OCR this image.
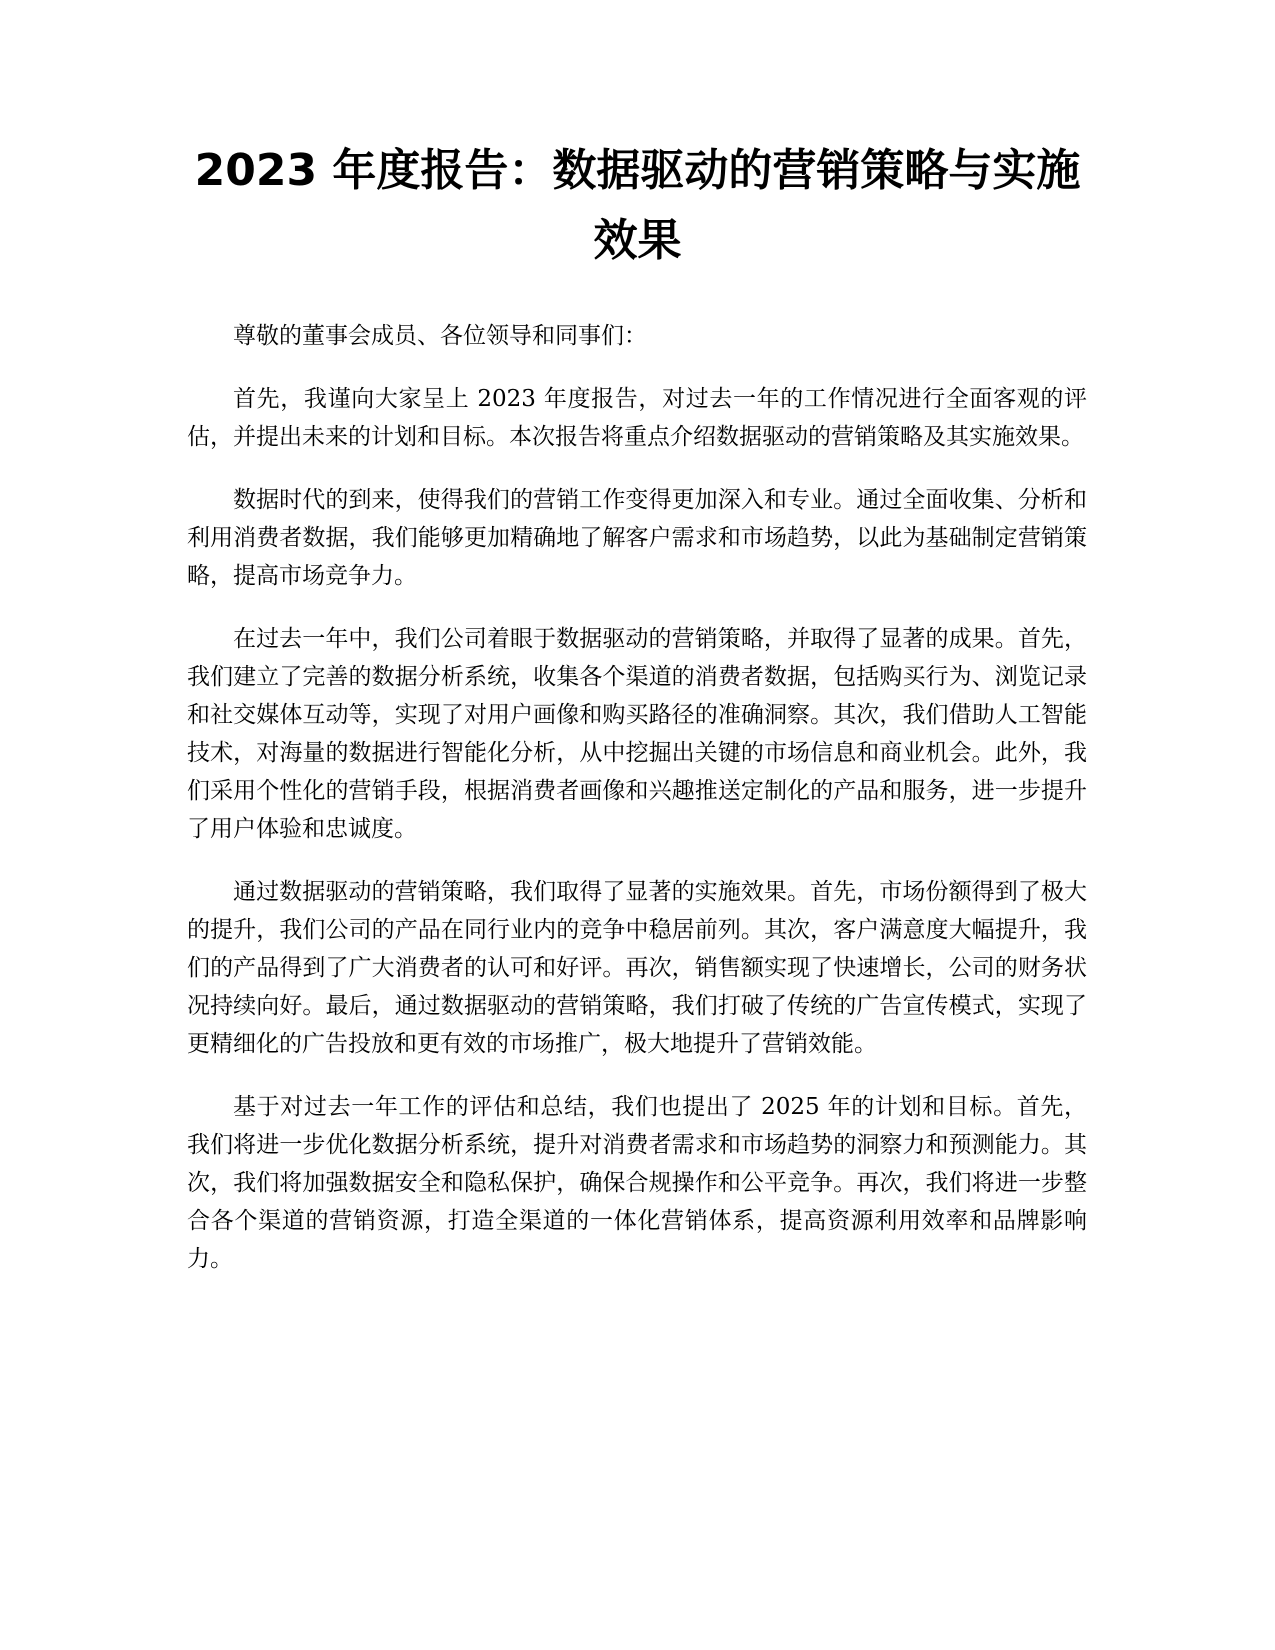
2023 年度报告：数据驱动的营销策略与实施
效果

尊敬的董事会成员、各位领导和同事们：

首先，我谨向大家呈上 2023 年度报告，对过去一年的工作情况进行全面客观的评估，并提出未来的计划和目标。本次报告将重点介绍数据驱动的营销策略及其实施效果。

数据时代的到来，使得我们的营销工作变得更加深入和专业。通过全面收集、分析和利用消费者数据，我们能够更加精确地了解客户需求和市场趋势，以此为基础制定营销策略，提高市场竞争力。

在过去一年中，我们公司着眼于数据驱动的营销策略，并取得了显著的成果。首先，我们建立了完善的数据分析系统，收集各个渠道的消费者数据，包括购买行为、浏览记录和社交媒体互动等，实现了对用户画像和购买路径的准确洞察。其次，我们借助人工智能技术，对海量的数据进行智能化分析，从中挖掘出关键的市场信息和商业机会。此外，我们采用个性化的营销手段，根据消费者画像和兴趣推送定制化的产品和服务，进一步提升了用户体验和忠诚度。

通过数据驱动的营销策略，我们取得了显著的实施效果。首先，市场份额得到了极大的提升，我们公司的产品在同行业内的竞争中稳居前列。其次，客户满意度大幅提升，我们的产品得到了广大消费者的认可和好评。再次，销售额实现了快速增长，公司的财务状况持续向好。最后，通过数据驱动的营销策略，我们打破了传统的广告宣传模式，实现了更精细化的广告投放和更有效的市场推广，极大地提升了营销效能。

基于对过去一年工作的评估和总结，我们也提出了 2025 年的计划和目标。首先，我们将进一步优化数据分析系统，提升对消费者需求和市场趋势的洞察力和预测能力。其次，我们将加强数据安全和隐私保护，确保合规操作和公平竞争。再次，我们将进一步整合各个渠道的营销资源，打造全渠道的一体化营销体系，提高资源利用效率和品牌影响力。
